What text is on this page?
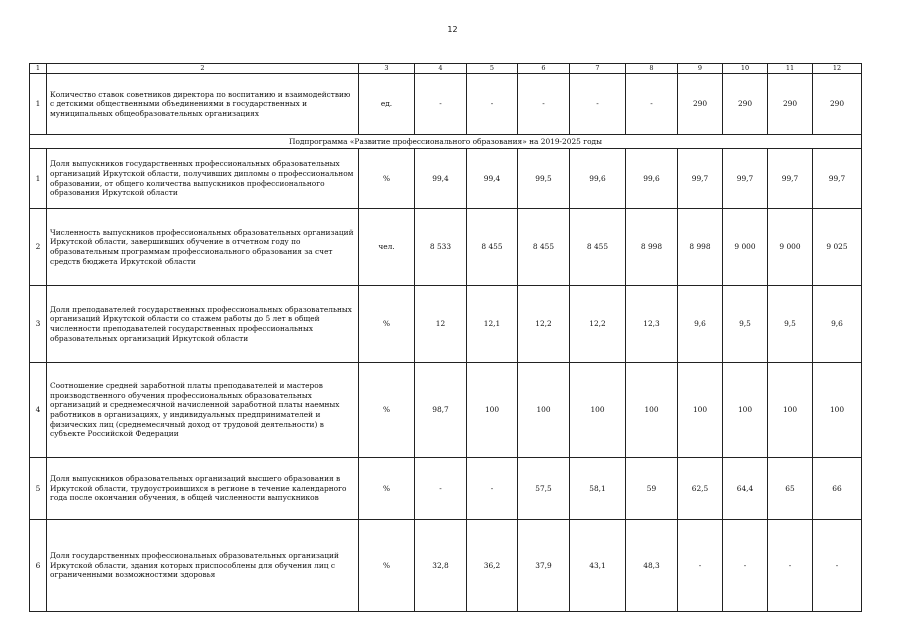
12
1	2	3	4	5	6	7	8	9	10	11	12
1	Количество ставок советников директора по воспитанию и взаимодействию с детскими общественными объединениями в государственных и муниципальных общеобразовательных организациях	ед.	-	-	-	-	-	290	290	290	290
Подпрограмма «Развитие профессионального образования» на 2019-2025 годы											
1	Доля выпускников государственных профессиональных образовательных организаций Иркутской области, получивших дипломы о профессиональном образовании, от общего количества выпускников профессионального образования Иркутской области	%	99,4	99,4	99,5	99,6	99,6	99,7	99,7	99,7	99,7
2	Численность выпускников профессиональных образовательных организаций Иркутской области, завершивших обучение в отчетном году по образовательным программам профессионального образования за счет средств бюджета Иркутской области	чел.	8 533	8 455	8 455	8 455	8 998	8 998	9 000	9 000	9 025
3	Доля преподавателей государственных профессиональных образовательных организаций Иркутской области со стажем работы до 5 лет в общей численности преподавателей государственных профессиональных образовательных организаций Иркутской области	%	12	12,1	12,2	12,2	12,3	9,6	9,5	9,5	9,6
4	Соотношение средней заработной платы преподавателей и мастеров производственного обучения профессиональных образовательных организаций и среднемесячной начисленной заработной платы наемных работников в организациях, у индивидуальных предпринимателей и физических лиц (среднемесячный доход от трудовой деятельности) в субъекте Российской Федерации	%	98,7	100	100	100	100	100	100	100	100
5	Доля выпускников образовательных организаций высшего образования в Иркутской области, трудоустроившихся в регионе в течение календарного года после окончания обучения, в общей численности выпускников	%	-	-	57,5	58,1	59	62,5	64,4	65	66
6	Доля государственных профессиональных образовательных организаций Иркутской области, здания которых приспособлены для обучения лиц с ограниченными возможностями здоровья	%	32,8	36,2	37,9	43,1	48,3	-	-	-	-
